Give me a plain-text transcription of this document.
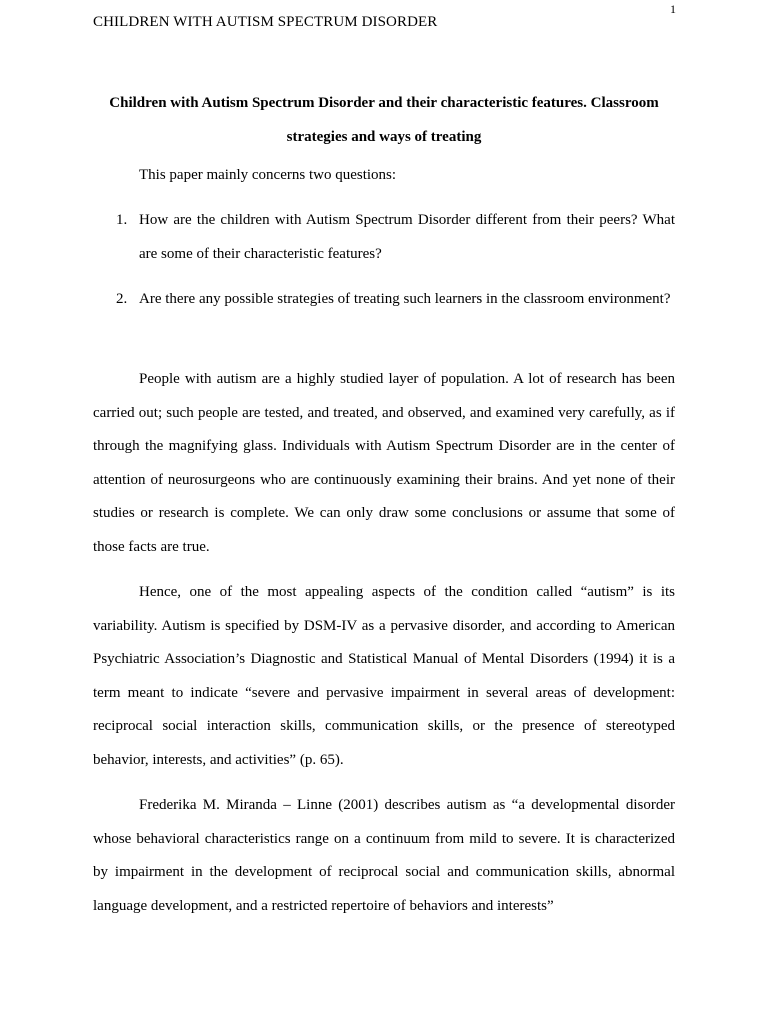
CHILDREN WITH AUTISM SPECTRUM DISORDER
1
Children with Autism Spectrum Disorder and their characteristic features. Classroom strategies and ways of treating

This paper mainly concerns two questions:

1. How are the children with Autism Spectrum Disorder different from their peers? What are some of their characteristic features?
2. Are there any possible strategies of treating such learners in the classroom environment?

People with autism are a highly studied layer of population. A lot of research has been carried out; such people are tested, and treated, and observed, and examined very carefully, as if through the magnifying glass. Individuals with Autism Spectrum Disorder are in the center of attention of neurosurgeons who are continuously examining their brains. And yet none of their studies or research is complete. We can only draw some conclusions or assume that some of those facts are true.

Hence, one of the most appealing aspects of the condition called “autism” is its variability. Autism is specified by DSM-IV as a pervasive disorder, and according to American Psychiatric Association’s Diagnostic and Statistical Manual of Mental Disorders (1994) it is a term meant to indicate “severe and pervasive impairment in several areas of development: reciprocal social interaction skills, communication skills, or the presence of stereotyped behavior, interests, and activities” (p. 65).

Frederika M. Miranda – Linne (2001) describes autism as “a developmental disorder whose behavioral characteristics range on a continuum from mild to severe. It is characterized by impairment in the development of reciprocal social and communication skills, abnormal language development, and a restricted repertoire of behaviors and interests”
